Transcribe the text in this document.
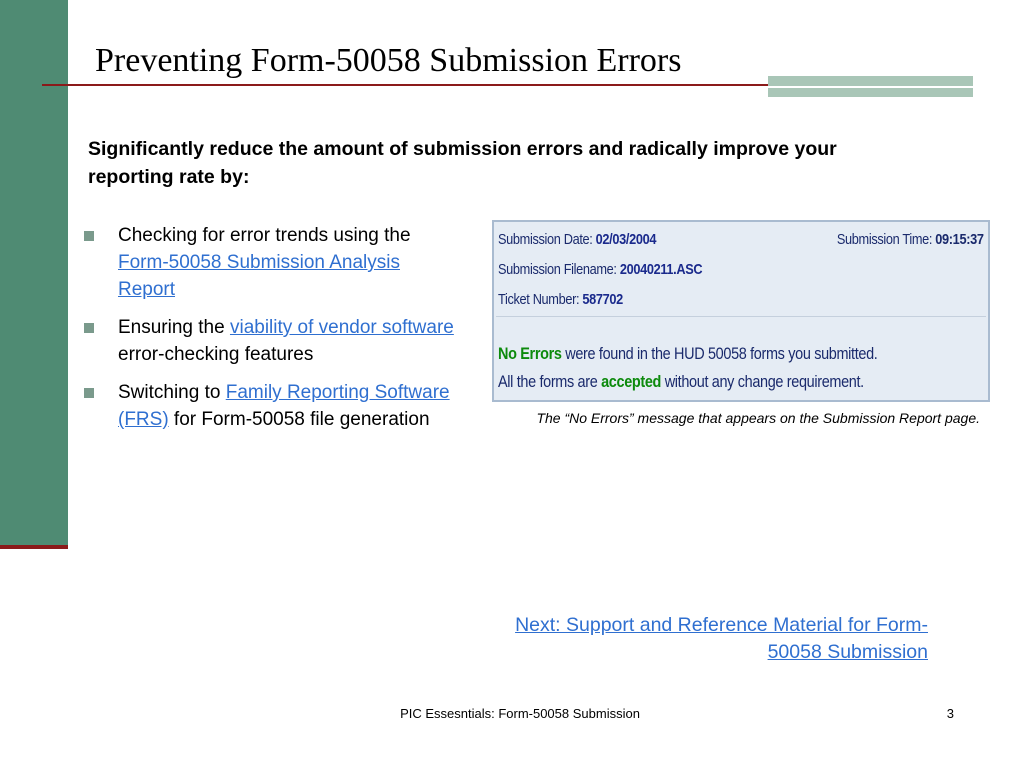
Preventing Form-50058 Submission Errors

Significantly reduce the amount of submission errors and radically improve your reporting rate by:

Checking for error trends using the Form-50058 Submission Analysis Report
Ensuring the viability of vendor software error-checking features
Switching to Family Reporting Software (FRS) for Form-50058 file generation
Submission Date: 02/03/2004	Submission Time: 09:15:37
Submission Filename: 20040211.ASC
Ticket Number: 587702
No Errors were found in the HUD 50058 forms you submitted.
All the forms are accepted without any change requirement.

The “No Errors” message that appears on the Submission Report page.

Next: Support and Reference Material for Form-50058 Submission
PIC Essesntials: Form-50058 Submission	3
